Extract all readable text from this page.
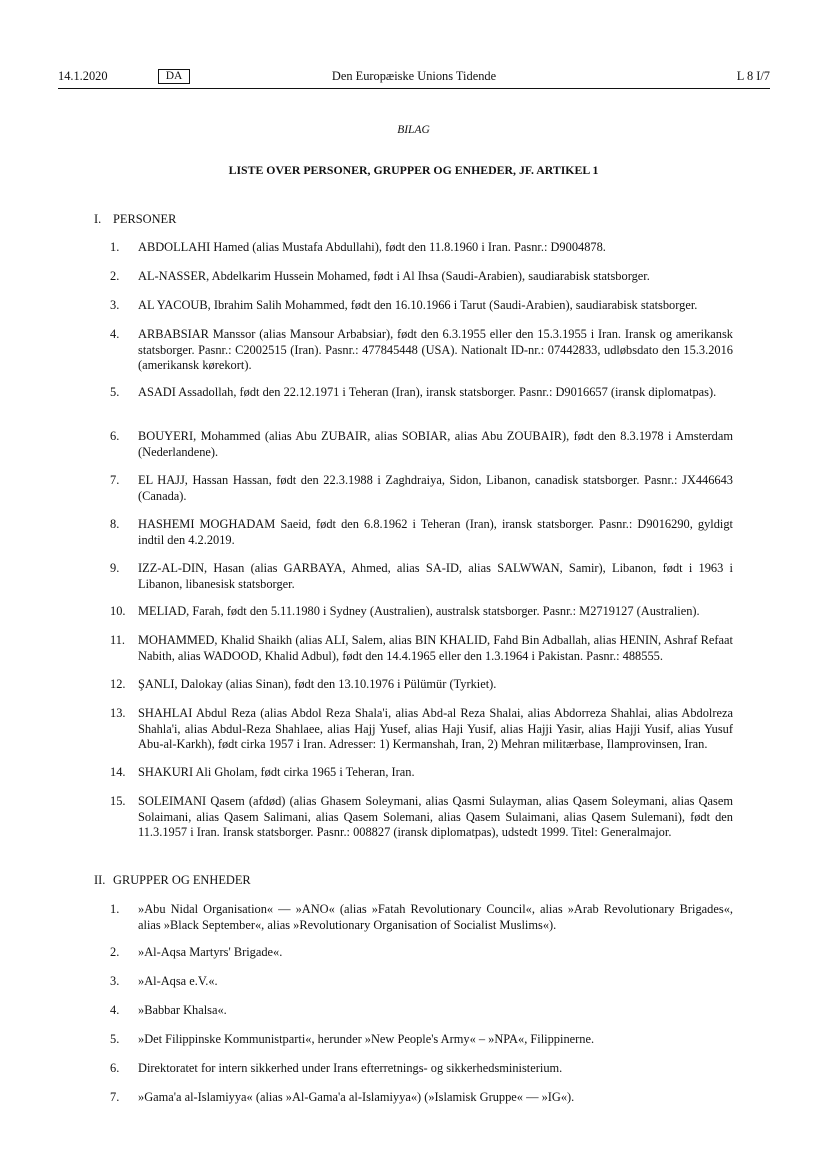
14.1.2020	DA	Den Europæiske Unions Tidende	L 8 I/7
BILAG
LISTE OVER PERSONER, GRUPPER OG ENHEDER, JF. ARTIKEL 1
I. PERSONER
1. ABDOLLAHI Hamed (alias Mustafa Abdullahi), født den 11.8.1960 i Iran. Pasnr.: D9004878.
2. AL-NASSER, Abdelkarim Hussein Mohamed, født i Al Ihsa (Saudi-Arabien), saudiarabisk statsborger.
3. AL YACOUB, Ibrahim Salih Mohammed, født den 16.10.1966 i Tarut (Saudi-Arabien), saudiarabisk statsborger.
4. ARBABSIAR Manssor (alias Mansour Arbabsiar), født den 6.3.1955 eller den 15.3.1955 i Iran. Iransk og amerikansk statsborger. Pasnr.: C2002515 (Iran). Pasnr.: 477845448 (USA). Nationalt ID-nr.: 07442833, udløbsdato den 15.3.2016 (amerikansk kørekort).
5. ASADI Assadollah, født den 22.12.1971 i Teheran (Iran), iransk statsborger. Pasnr.: D9016657 (iransk diplomatpas).
6. BOUYERI, Mohammed (alias Abu ZUBAIR, alias SOBIAR, alias Abu ZOUBAIR), født den 8.3.1978 i Amsterdam (Nederlandene).
7. EL HAJJ, Hassan Hassan, født den 22.3.1988 i Zaghdraiya, Sidon, Libanon, canadisk statsborger. Pasnr.: JX446643 (Canada).
8. HASHEMI MOGHADAM Saeid, født den 6.8.1962 i Teheran (Iran), iransk statsborger. Pasnr.: D9016290, gyldigt indtil den 4.2.2019.
9. IZZ-AL-DIN, Hasan (alias GARBAYA, Ahmed, alias SA-ID, alias SALWWAN, Samir), Libanon, født i 1963 i Libanon, libanesisk statsborger.
10. MELIAD, Farah, født den 5.11.1980 i Sydney (Australien), australsk statsborger. Pasnr.: M2719127 (Australien).
11. MOHAMMED, Khalid Shaikh (alias ALI, Salem, alias BIN KHALID, Fahd Bin Adballah, alias HENIN, Ashraf Refaat Nabith, alias WADOOD, Khalid Adbul), født den 14.4.1965 eller den 1.3.1964 i Pakistan. Pasnr.: 488555.
12. ŞANLI, Dalokay (alias Sinan), født den 13.10.1976 i Pülümür (Tyrkiet).
13. SHAHLAI Abdul Reza (alias Abdol Reza Shala'i, alias Abd-al Reza Shalai, alias Abdorreza Shahlai, alias Abdolreza Shahla'i, alias Abdul-Reza Shahlaee, alias Hajj Yusef, alias Haji Yusif, alias Hajji Yasir, alias Hajji Yusif, alias Yusuf Abu-al-Karkh), født cirka 1957 i Iran. Adresser: 1) Kermanshah, Iran, 2) Mehran militærbase, Ilamprovinsen, Iran.
14. SHAKURI Ali Gholam, født cirka 1965 i Teheran, Iran.
15. SOLEIMANI Qasem (afdød) (alias Ghasem Soleymani, alias Qasmi Sulayman, alias Qasem Soleymani, alias Qasem Solaimani, alias Qasem Salimani, alias Qasem Solemani, alias Qasem Sulaimani, alias Qasem Sulemani), født den 11.3.1957 i Iran. Iransk statsborger. Pasnr.: 008827 (iransk diplomatpas), udstedt 1999. Titel: Generalmajor.
II. GRUPPER OG ENHEDER
1. »Abu Nidal Organisation« — »ANO« (alias »Fatah Revolutionary Council«, alias »Arab Revolutionary Brigades«, alias »Black September«, alias »Revolutionary Organisation of Socialist Muslims«).
2. »Al-Aqsa Martyrs' Brigade«.
3. »Al-Aqsa e.V.«.
4. »Babbar Khalsa«.
5. »Det Filippinske Kommunistparti«, herunder »New People's Army« – »NPA«, Filippinerne.
6. Direktoratet for intern sikkerhed under Irans efterretnings- og sikkerhedsministerium.
7. »Gama'a al-Islamiyya« (alias »Al-Gama'a al-Islamiyya«) (»Islamisk Gruppe« — »IG«).
